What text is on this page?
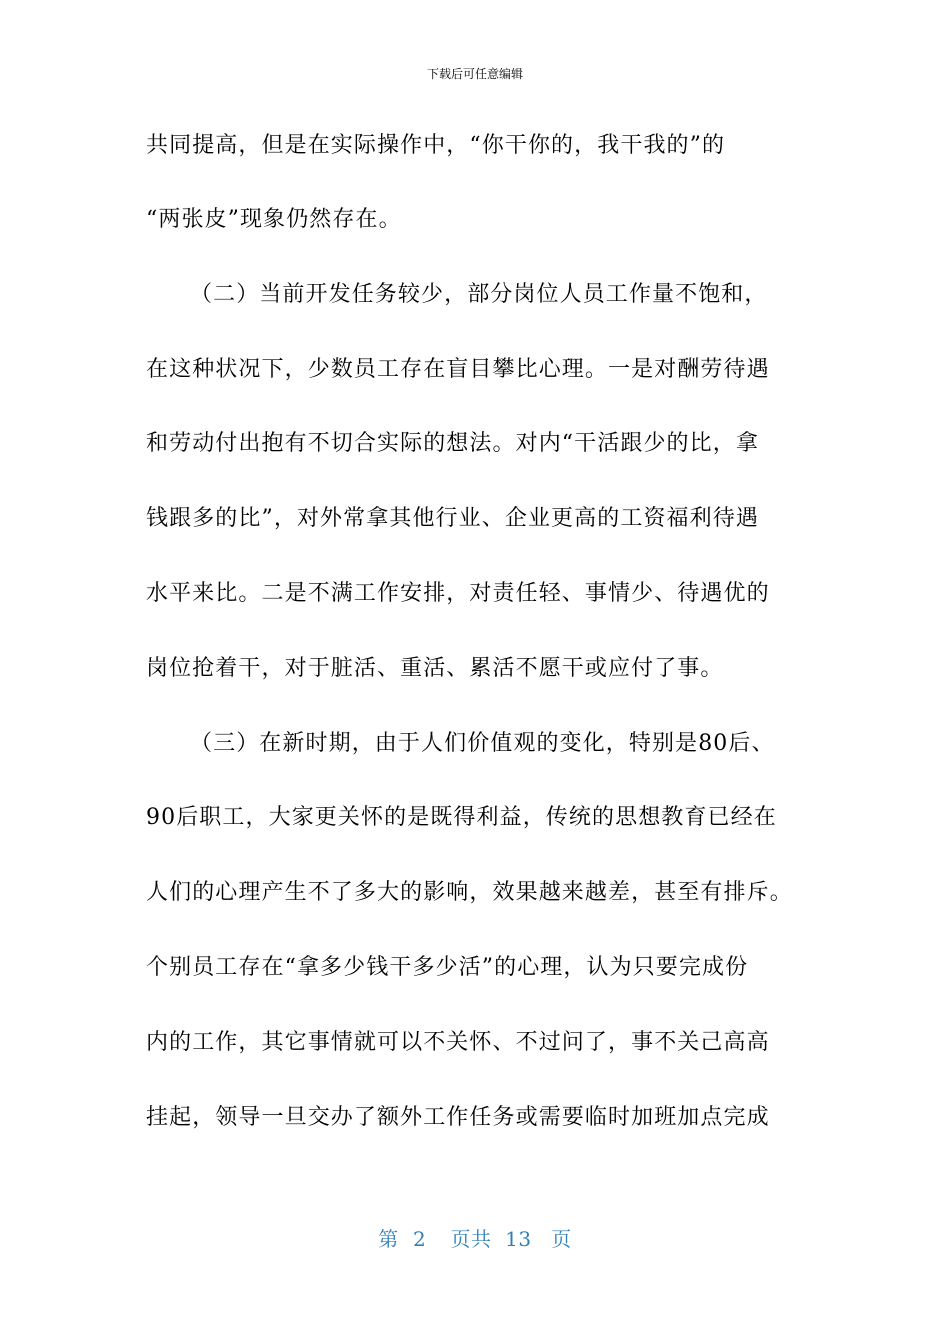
下载后可任意编辑
共同提高，但是在实际操作中，“你干你的，我干我的”的
“两张皮”现象仍然存在。
（二）当前开发任务较少，部分岗位人员工作量不饱和，
在这种状况下，少数员工存在盲目攀比心理。一是对酬劳待遇
和劳动付出抱有不切合实际的想法。对内“干活跟少的比，拿
钱跟多的比”，对外常拿其他行业、企业更高的工资福利待遇
水平来比。二是不满工作安排，对责任轻、事情少、待遇优的
岗位抢着干，对于脏活、重活、累活不愿干或应付了事。
（三）在新时期，由于人们价值观的变化，特别是80后、
90后职工，大家更关怀的是既得利益，传统的思想教育已经在
人们的心理产生不了多大的影响，效果越来越差，甚至有排斥。
个别员工存在“拿多少钱干多少活”的心理，认为只要完成份
内的工作，其它事情就可以不关怀、不过问了，事不关己高高
挂起，领导一旦交办了额外工作任务或需要临时加班加点完成
第 2 页共 13 页
